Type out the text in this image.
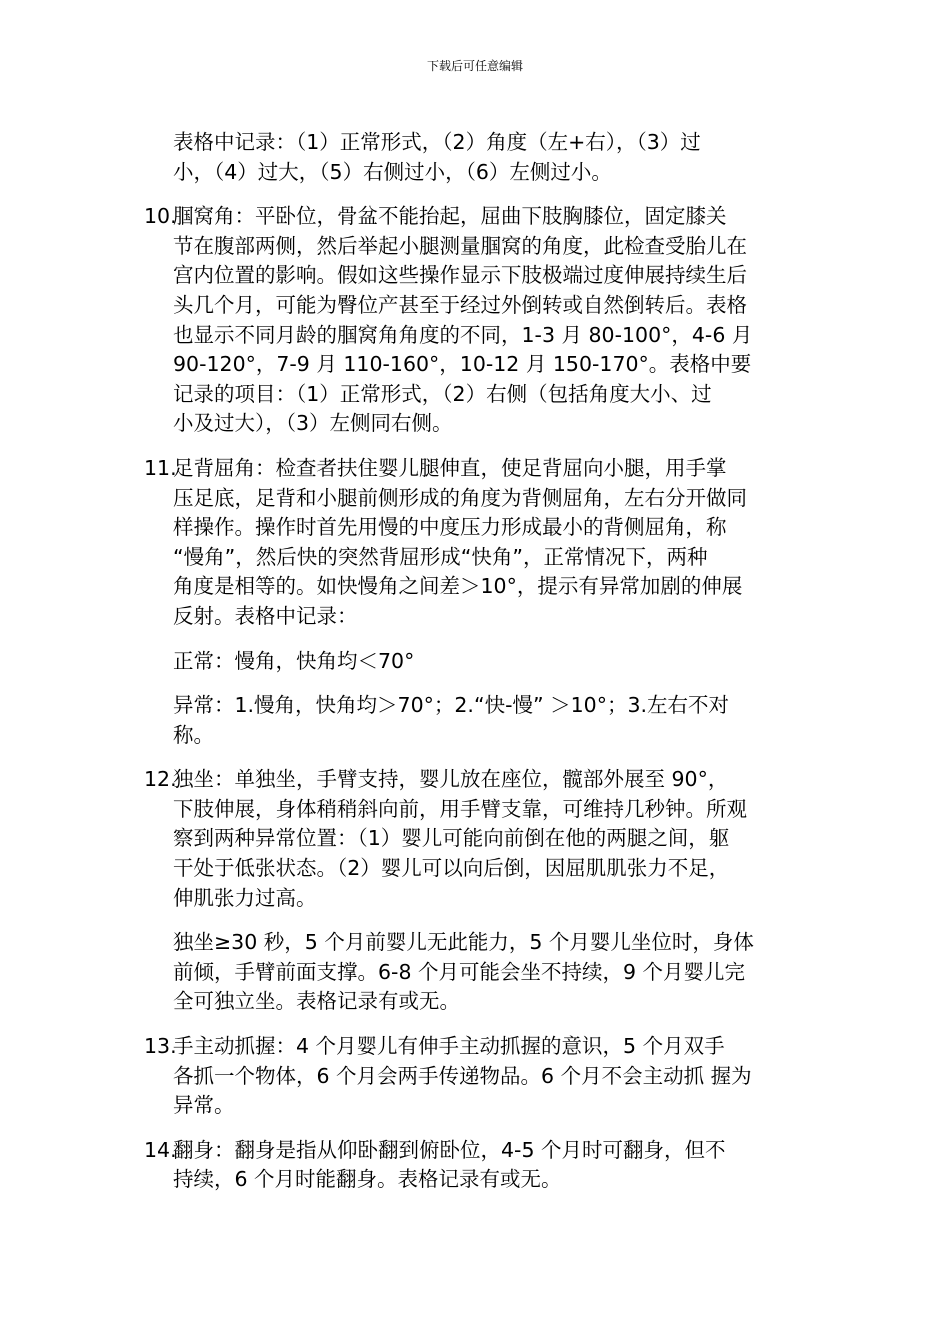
下载后可任意编辑
表格中记录：（1）正常形式，（2）角度（左+右），（3）过
小，（4）过大，（5）右侧过小，（6）左侧过小。
10.
腘窝角：平卧位，骨盆不能抬起，屈曲下肢胸膝位，固定膝关
节在腹部两侧，然后举起小腿测量腘窝的角度，此检查受胎儿在
宫内位置的影响。假如这些操作显示下肢极端过度伸展持续生后
头几个月，可能为臀位产甚至于经过外倒转或自然倒转后。表格
也显示不同月龄的腘窝角角度的不同，1-3 月 80-100°，4-6 月
90-120°，7-9 月 110-160°，10-12 月 150-170°。表格中要
记录的项目：（1）正常形式，（2）右侧（包括角度大小、过
小及过大），（3）左侧同右侧。
11.
足背屈角：检查者扶住婴儿腿伸直，使足背屈向小腿，用手掌
压足底，足背和小腿前侧形成的角度为背侧屈角，左右分开做同
样操作。操作时首先用慢的中度压力形成最小的背侧屈角，称
“慢角”，然后快的突然背屈形成“快角”，正常情况下，两种
角度是相等的。如快慢角之间差＞10°，提示有异常加剧的伸展
反射。表格中记录：
正常：慢角，快角均＜70°
异常：1.慢角，快角均＞70°；2.“快-慢” ＞10°；3.左右不对
称。
12.
独坐：单独坐，手臂支持，婴儿放在座位，髋部外展至 90°，
下肢伸展，身体稍稍斜向前，用手臂支靠，可维持几秒钟。所观
察到两种异常位置：（1）婴儿可能向前倒在他的两腿之间，躯
干处于低张状态。（2）婴儿可以向后倒，因屈肌肌张力不足，
伸肌张力过高。
独坐≥30 秒，5 个月前婴儿无此能力，5 个月婴儿坐位时，身体
前倾，手臂前面支撑。6-8 个月可能会坐不持续，9 个月婴儿完
全可独立坐。表格记录有或无。
13.
手主动抓握：4 个月婴儿有伸手主动抓握的意识，5 个月双手
各抓一个物体，6 个月会两手传递物品。6 个月不会主动抓 握为
异常。
14.
翻身：翻身是指从仰卧翻到俯卧位，4-5 个月时可翻身，但不
持续，6 个月时能翻身。表格记录有或无。
